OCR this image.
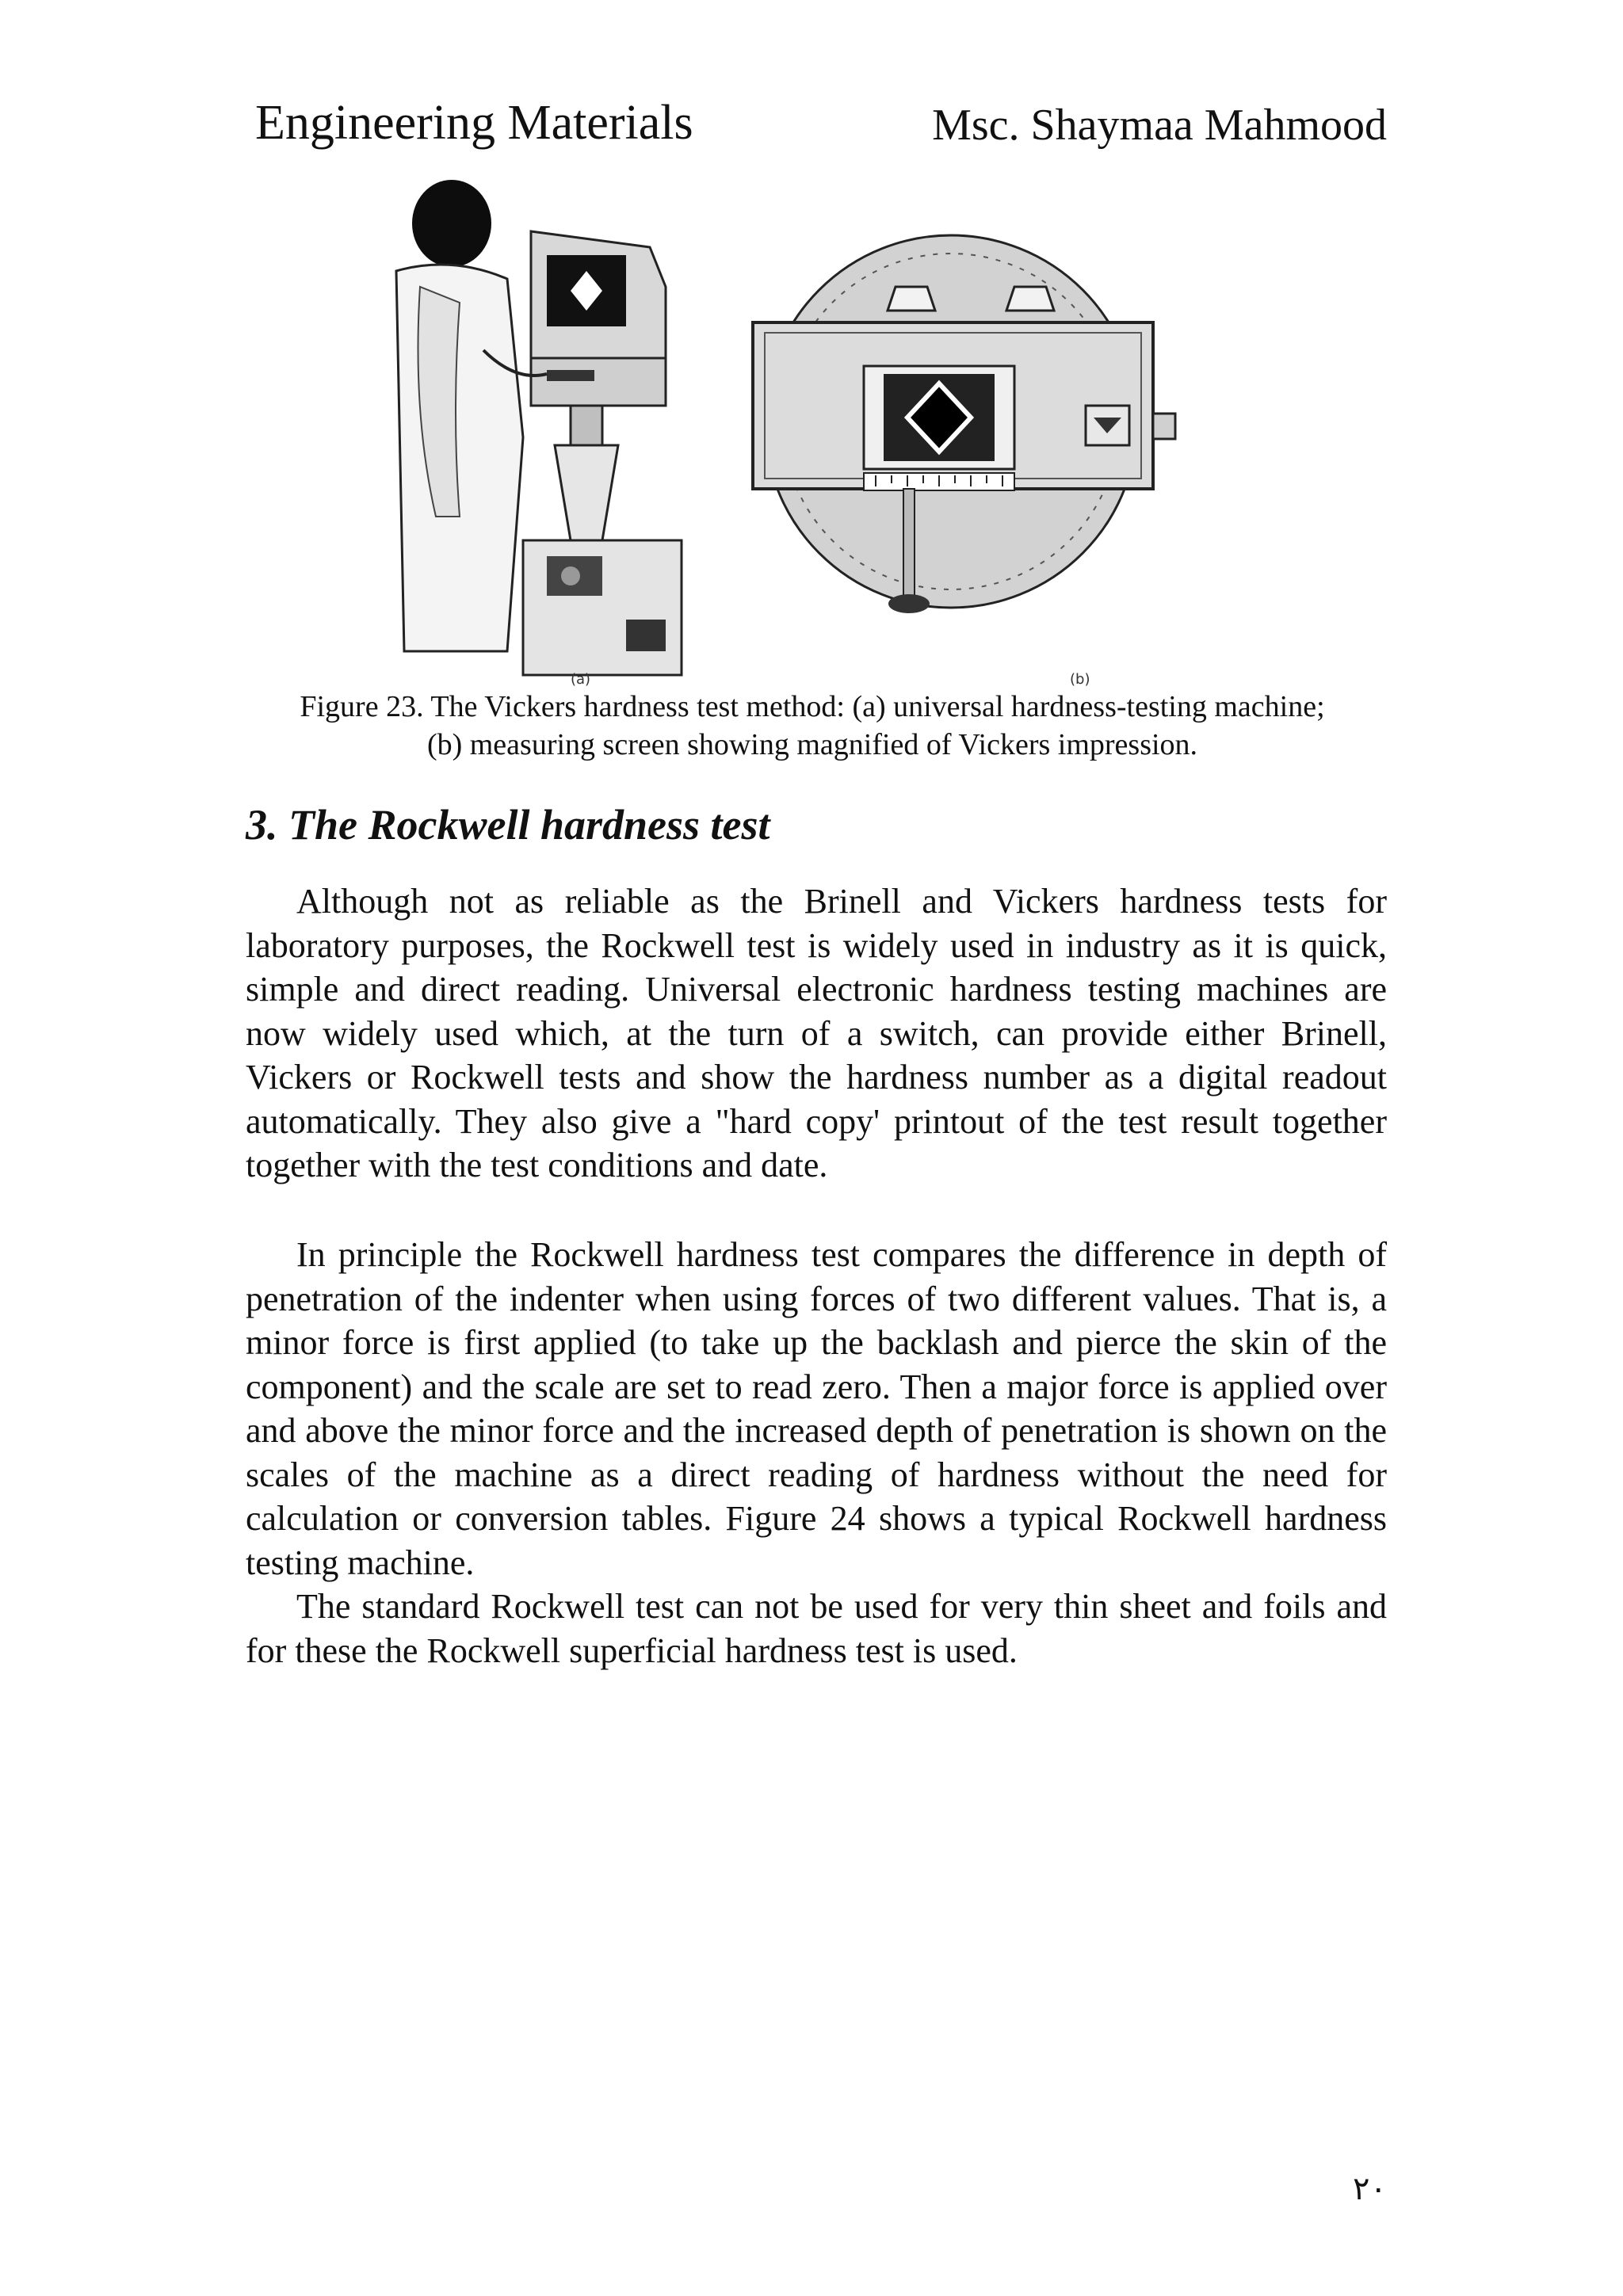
Engineering Materials	Msc. Shaymaa Mahmood
(a)	(b)
Figure 23. The Vickers hardness test method: (a) universal hardness-testing machine;
(b) measuring screen showing magnified of Vickers impression.
3. The Rockwell hardness test

Although not as reliable as the Brinell and Vickers hardness tests for laboratory purposes, the Rockwell test is widely used in industry as it is quick, simple and direct reading. Universal electronic hardness testing machines are now widely used which, at the turn of a switch, can provide either Brinell, Vickers or Rockwell tests and show the hardness number as a digital readout automatically. They also give a "hard copy' printout of the test result together together with the test conditions and date.

In principle the Rockwell hardness test compares the difference in depth of penetration of the indenter when using forces of two different values. That is, a minor force is first applied (to take up the backlash and pierce the skin of the component) and the scale are set to read zero. Then a major force is applied over and above the minor force and the increased depth of penetration is shown on the scales of the machine as a direct reading of hardness without the need for calculation or conversion tables. Figure 24 shows a typical Rockwell hardness testing machine.

The standard Rockwell test can not be used for very thin sheet and foils and for these the Rockwell superficial hardness test is used.

٢٠
